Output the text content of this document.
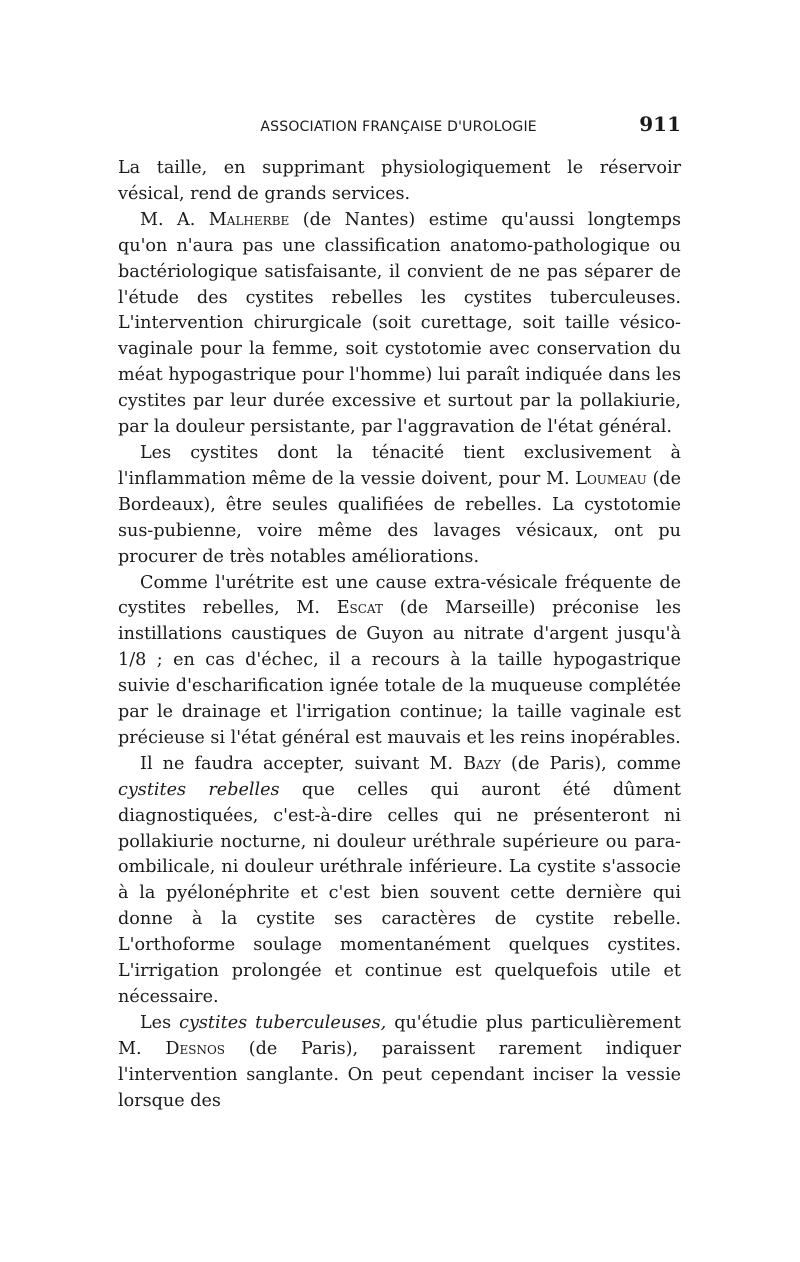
ASSOCIATION FRANÇAISE D'UROLOGIE	911

La taille, en supprimant physiologiquement le réservoir vésical, rend de grands services.

M. A. Malherbe (de Nantes) estime qu'aussi longtemps qu'on n'aura pas une classification anatomo-pathologique ou bactériologique satisfaisante, il convient de ne pas séparer de l'étude des cystites rebelles les cystites tuberculeuses. L'intervention chirurgicale (soit curettage, soit taille vésico-vaginale pour la femme, soit cystotomie avec conservation du méat hypogastrique pour l'homme) lui paraît indiquée dans les cystites par leur durée excessive et surtout par la pollakiurie, par la douleur persistante, par l'aggravation de l'état général.

Les cystites dont la ténacité tient exclusivement à l'inflammation même de la vessie doivent, pour M. Loumeau (de Bordeaux), être seules qualifiées de rebelles. La cystotomie sus-pubienne, voire même des lavages vésicaux, ont pu procurer de très notables améliorations.

Comme l'urétrite est une cause extra-vésicale fréquente de cystites rebelles, M. Escat (de Marseille) préconise les instillations caustiques de Guyon au nitrate d'argent jusqu'à 1/8 ; en cas d'échec, il a recours à la taille hypogastrique suivie d'escharification ignée totale de la muqueuse complétée par le drainage et l'irrigation continue; la taille vaginale est précieuse si l'état général est mauvais et les reins inopérables.

Il ne faudra accepter, suivant M. Bazy (de Paris), comme cystites rebelles que celles qui auront été dûment diagnostiquées, c'est-à-dire celles qui ne présenteront ni pollakiurie nocturne, ni douleur uréthrale supérieure ou para-ombilicale, ni douleur uréthrale inférieure. La cystite s'associe à la pyélonéphrite et c'est bien souvent cette dernière qui donne à la cystite ses caractères de cystite rebelle. L'orthoforme soulage momentanément quelques cystites. L'irrigation prolongée et continue est quelquefois utile et nécessaire.

Les cystites tuberculeuses, qu'étudie plus particulièrement M. Desnos (de Paris), paraissent rarement indiquer l'intervention sanglante. On peut cependant inciser la vessie lorsque des
